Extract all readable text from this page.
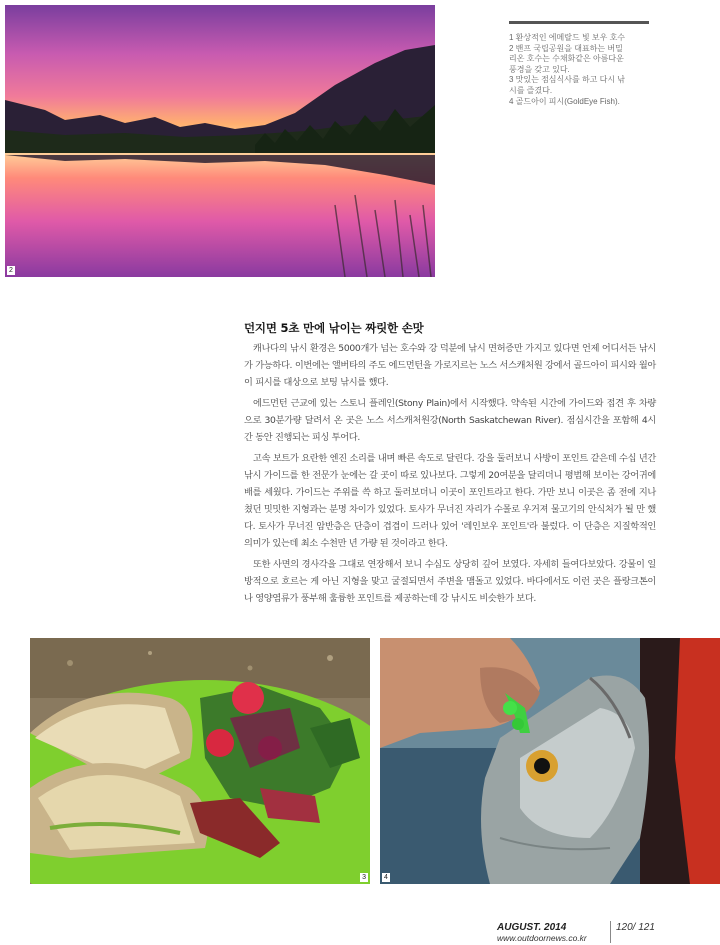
2
1 환상적인 에메랄드 빛 보우 호수
2 밴프 국립공원을 대표하는 버밀
리온 호수는 수채화같은 아름다운
풍경을 갖고 있다.
3 맛있는 점심식사를 하고 다시 낚
시를 즐겼다.
4 골드아이 피시(GoldEye Fish).
던지면 5초 만에 낚이는 짜릿한 손맛

캐나다의 낚시 환경은 5000개가 넘는 호수와 강 덕분에 낚시 면허증만 가지고 있다면 언제 어디서든 낚시가 가능하다. 이번에는 앨버타의 주도 에드먼턴을 가로지르는 노스 서스캐처원 강에서 골드아이 피시와 월아이 피시를 대상으로 보팅 낚시를 했다.

에드먼턴 근교에 있는 스토니 플레인(Stony Plain)에서 시작했다. 약속된 시간에 가이드와 접견 후 차량으로 30분가량 달려서 온 곳은 노스 서스캐처원강(North Saskatchewan River). 점심시간을 포함해 4시간 동안 진행되는 피싱 투어다.

고속 보트가 요란한 엔진 소리를 내며 빠른 속도로 달린다. 강을 둘러보니 사방이 포인트 같은데 수십 년간 낚시 가이드를 한 전문가 눈에는 갈 곳이 따로 있나보다. 그렇게 20여분을 달리더니 평범해 보이는 강어귀에 배를 세웠다. 가이드는 주위를 쓱 하고 둘러보더니 이곳이 포인트라고 한다. 가만 보니 이곳은 좀 전에 지나쳤던 밋밋한 지형과는 분명 차이가 있었다. 토사가 무너진 자리가 수몰로 우거져 물고기의 안식처가 될 만 했다. 토사가 무너진 암반층은 단층이 겹겹이 드러나 있어 '레인보우 포인트'라 불렀다. 이 단층은 지질학적인 의미가 있는데 최소 수천만 년 가량 된 것이라고 한다.

또한 사면의 경사각을 그대로 연장해서 보니 수심도 상당히 깊어 보였다. 자세히 들여다보았다. 강물이 일방적으로 흐르는 게 아닌 지형을 맞고 굴절되면서 주변을 맴돌고 있었다. 바다에서도 이런 곳은 플랑크톤이나 영양염류가 풍부해 훌륭한 포인트를 제공하는데 강 낚시도 비슷한가 보다.

3	4
AUGUST. 2014
www.outdoornews.co.kr
120/ 121
